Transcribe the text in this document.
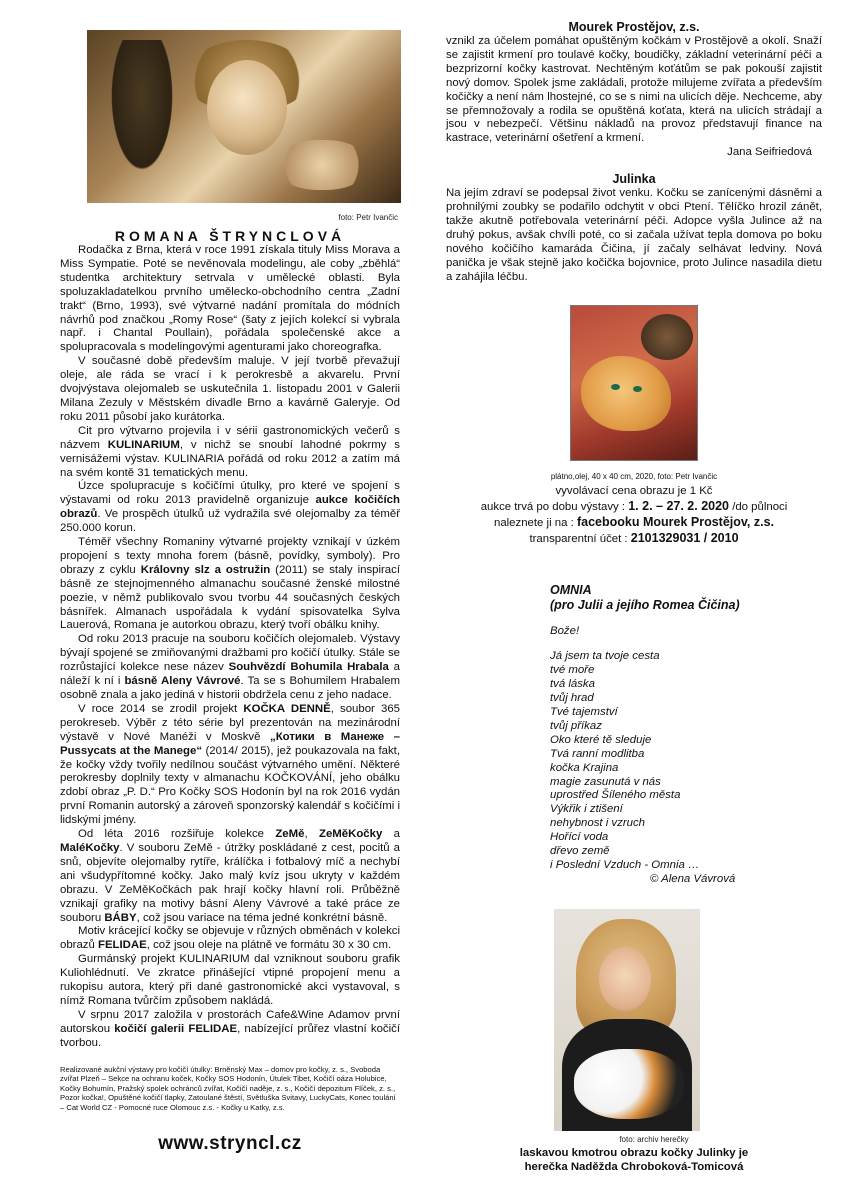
foto: Petr Ivančic
ROMANA ŠTRYNCLOVÁ

Rodačka z Brna, která v roce 1991 získala tituly Miss Morava a Miss Sympatie. Poté se nevěnovala modelingu, ale coby „zběhlá“ studentka architektury setrvala v umělecké oblasti. Byla spoluzakladatelkou prvního umělecko-obchodního centra „Zadní trakt“ (Brno, 1993), své výtvarné nadání promítala do módních návrhů pod značkou „Romy Rose“ (šaty z jejích kolekcí si vybrala např. i Chantal Poullain), pořádala společenské akce a spolupracovala s modelingovými agenturami jako choreografka.

V současné době především maluje. V její tvorbě převažují oleje, ale ráda se vrací i k perokresbě a akvarelu. První dvojvýstava olejomaleb se uskutečnila 1. listopadu 2001 v Galerii Milana Zezuly v Městském divadle Brno a kavárně Galeryje. Od roku 2011 působí jako kurátorka.

Cit pro výtvarno projevila i v sérii gastronomických večerů s názvem KULINARIUM, v nichž se snoubí lahodné pokrmy s vernisážemi výstav. KULINARIA pořádá od roku 2012 a zatím má na svém kontě 31 tematických menu.

Úzce spolupracuje s kočičími útulky, pro které ve spojení s výstavami od roku 2013 pravidelně organizuje aukce kočičích obrazů. Ve prospěch útulků už vydražila své olejomalby za téměř 250.000 korun.

Téměř všechny Romaniny výtvarné projekty vznikají v úzkém propojení s texty mnoha forem (básně, povídky, symboly). Pro obrazy z cyklu Královny slz a ostružin (2011) se staly inspirací básně ze stejnojmenného almanachu současné ženské milostné poezie, v němž publikovalo svou tvorbu 44 současných českých básnířek. Almanach uspořádala k vydání spisovatelka Sylva Lauerová, Romana je autorkou obrazu, který tvoří obálku knihy.

Od roku 2013 pracuje na souboru kočičích olejomaleb. Výstavy bývají spojené se zmiňovanými dražbami pro kočičí útulky. Stále se rozrůstající kolekce nese název Souhvězdí Bohumila Hrabala a náleží k ní i básně Aleny Vávrové. Ta se s Bohumilem Hrabalem osobně znala a jako jediná v historii obdržela cenu z jeho nadace.

V roce 2014 se zrodil projekt KOČKA DENNĚ, soubor 365 perokreseb. Výběr z této série byl prezentován na mezinárodní výstavě v Nové Manéži v Moskvě „Котики в Манеже – Pussycats at the Manege“ (2014/ 2015), jež poukazovala na fakt, že kočky vždy tvořily nedílnou součást výtvarného umění. Některé perokresby doplnily texty v almanachu KOČKOVÁNÍ, jeho obálku zdobí obraz „P. D.“ Pro Kočky SOS Hodonín byl na rok 2016 vydán první Romanin autorský a zároveň sponzorský kalendář s kočičími i lidskými jmény.

Od léta 2016 rozšiřuje kolekce ZeMě, ZeMěKočky a MaléKočky. V souboru ZeMě - útržky poskládané z cest, pocitů a snů, objevíte olejomalby rytíře, králíčka i fotbalový míč a nechybí ani všudypřítomné kočky. Jako malý kvíz jsou ukryty v každém obrazu. V ZeMěKočkách pak hrají kočky hlavní roli. Průběžně vznikají grafiky na motivy básní Aleny Vávrové a také práce ze souboru BÁBY, což jsou variace na téma jedné konkrétní básně.

Motiv krácející kočky se objevuje v různých obměnách v kolekci obrazů FELIDAE, což jsou oleje na plátně ve formátu 30 x 30 cm.

Gurmánský projekt KULINARIUM dal vzniknout souboru grafik Kuliohlédnutí. Ve zkratce přinášející vtipné propojení menu a rukopisu autora, který při dané gastronomické akci vystavoval, s nímž Romana tvůrčím způsobem nakládá.

V srpnu 2017 založila v prostorách Cafe&Wine Adamov první autorskou kočičí galerii FELIDAE, nabízející průřez vlastní kočičí tvorbou.

Realizované aukční výstavy pro kočičí útulky: Brněnský Max – domov pro kočky, z. s., Svoboda zvířat Plzeň – Sekce na ochranu koček, Kočky SOS Hodonín, Útulek Tibet, Kočičí oáza Holubice, Kočky Bohumín, Pražský spolek ochránců zvířat, Kočičí naděje, z. s., Kočičí depozitum Flíček, z. s., Pozor kočka!, Opuštěné kočičí tlapky, Zatoulané štěstí, Světluška Svitavy, LuckyCats, Konec toulání – Cat World CZ - Pomocné ruce Olomouc z.s. - Kočky u Katky, z.s.
www.stryncl.cz
Mourek Prostějov, z.s.
vznikl za účelem pomáhat opuštěným kočkám v Prostějově a okolí. Snaží se zajistit krmení pro toulavé kočky, boudičky, základní veterinární péči a bezprizorní kočky kastrovat. Nechtěným koťátům se pak pokouší zajistit nový domov. Spolek jsme zakládali, protože milujeme zvířata a především kočičky a není nám lhostejné, co se s nimi na ulicích děje. Nechceme, aby se přemnožovaly a rodila se opuštěná koťata, která na ulicích strádají a jsou v nebezpečí. Většinu nákladů na provoz představují finance na kastrace, veterinární ošetření a krmení.
Jana Seifriedová
Julinka
Na jejím zdraví se podepsal život venku. Kočku se zanícenými dásněmi a prohnilými zoubky se podařilo odchytit v obci Ptení. Tělíčko hrozil zánět, takže akutně potřebovala veterinární péči. Adopce vyšla Julince až na druhý pokus, avšak chvíli poté, co si začala užívat tepla domova po boku nového kočičího kamaráda Čičina, jí začaly selhávat ledviny. Nová panička je však stejně jako kočička bojovnice, proto Julince nasadila dietu a zahájila léčbu.
plátno,olej, 40 x 40 cm, 2020, foto: Petr Ivančic
vyvolávací cena obrazu je 1 Kč
aukce trvá po dobu výstavy : 1. 2. – 27. 2. 2020 /do půlnoci
naleznete ji na : facebooku Mourek Prostějov, z.s.
transparentní účet : 2101329031 / 2010
OMNIA
(pro Julii a jejího Romea Čičina)
Bože!
Já jsem ta tvoje cesta
tvé moře
tvá láska
tvůj hrad
Tvé tajemství
tvůj příkaz
Oko které tě sleduje
Tvá ranní modlitba
kočka Krajina
magie zasunutá v nás
uprostřed Šíleného města
Výkřik i ztišení
nehybnost i vzruch
Hořící voda
dřevo země
i Poslední Vzduch - Omnia …
© Alena Vávrová
foto: archiv herečky
laskavou kmotrou obrazu kočky Julinky je
herečka Naděžda Chroboková-Tomicová
